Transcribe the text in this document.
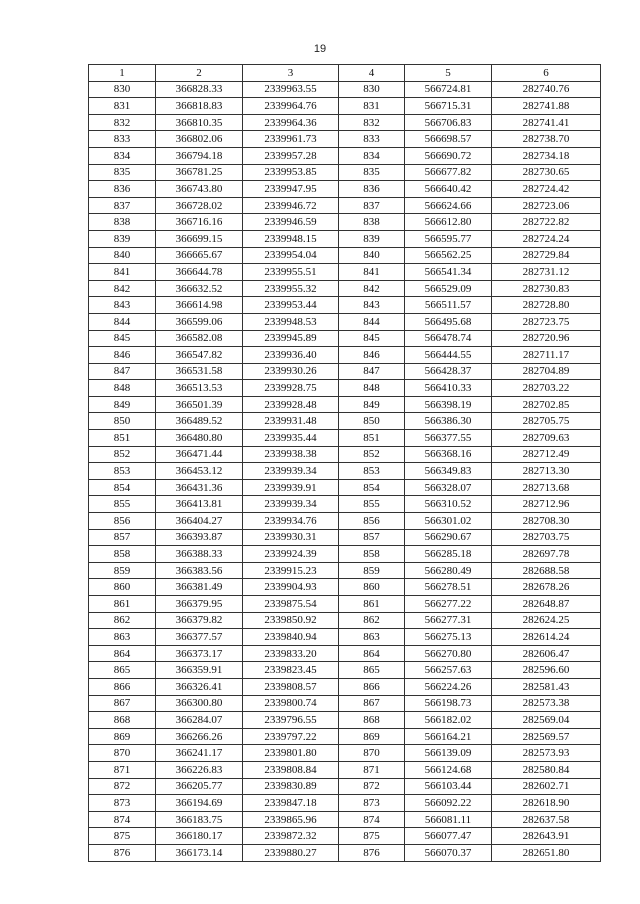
19
1	2	3	4	5	6
830	366828.33	2339963.55	830	566724.81	282740.76
831	366818.83	2339964.76	831	566715.31	282741.88
832	366810.35	2339964.36	832	566706.83	282741.41
833	366802.06	2339961.73	833	566698.57	282738.70
834	366794.18	2339957.28	834	566690.72	282734.18
835	366781.25	2339953.85	835	566677.82	282730.65
836	366743.80	2339947.95	836	566640.42	282724.42
837	366728.02	2339946.72	837	566624.66	282723.06
838	366716.16	2339946.59	838	566612.80	282722.82
839	366699.15	2339948.15	839	566595.77	282724.24
840	366665.67	2339954.04	840	566562.25	282729.84
841	366644.78	2339955.51	841	566541.34	282731.12
842	366632.52	2339955.32	842	566529.09	282730.83
843	366614.98	2339953.44	843	566511.57	282728.80
844	366599.06	2339948.53	844	566495.68	282723.75
845	366582.08	2339945.89	845	566478.74	282720.96
846	366547.82	2339936.40	846	566444.55	282711.17
847	366531.58	2339930.26	847	566428.37	282704.89
848	366513.53	2339928.75	848	566410.33	282703.22
849	366501.39	2339928.48	849	566398.19	282702.85
850	366489.52	2339931.48	850	566386.30	282705.75
851	366480.80	2339935.44	851	566377.55	282709.63
852	366471.44	2339938.38	852	566368.16	282712.49
853	366453.12	2339939.34	853	566349.83	282713.30
854	366431.36	2339939.91	854	566328.07	282713.68
855	366413.81	2339939.34	855	566310.52	282712.96
856	366404.27	2339934.76	856	566301.02	282708.30
857	366393.87	2339930.31	857	566290.67	282703.75
858	366388.33	2339924.39	858	566285.18	282697.78
859	366383.56	2339915.23	859	566280.49	282688.58
860	366381.49	2339904.93	860	566278.51	282678.26
861	366379.95	2339875.54	861	566277.22	282648.87
862	366379.82	2339850.92	862	566277.31	282624.25
863	366377.57	2339840.94	863	566275.13	282614.24
864	366373.17	2339833.20	864	566270.80	282606.47
865	366359.91	2339823.45	865	566257.63	282596.60
866	366326.41	2339808.57	866	566224.26	282581.43
867	366300.80	2339800.74	867	566198.73	282573.38
868	366284.07	2339796.55	868	566182.02	282569.04
869	366266.26	2339797.22	869	566164.21	282569.57
870	366241.17	2339801.80	870	566139.09	282573.93
871	366226.83	2339808.84	871	566124.68	282580.84
872	366205.77	2339830.89	872	566103.44	282602.71
873	366194.69	2339847.18	873	566092.22	282618.90
874	366183.75	2339865.96	874	566081.11	282637.58
875	366180.17	2339872.32	875	566077.47	282643.91
876	366173.14	2339880.27	876	566070.37	282651.80
